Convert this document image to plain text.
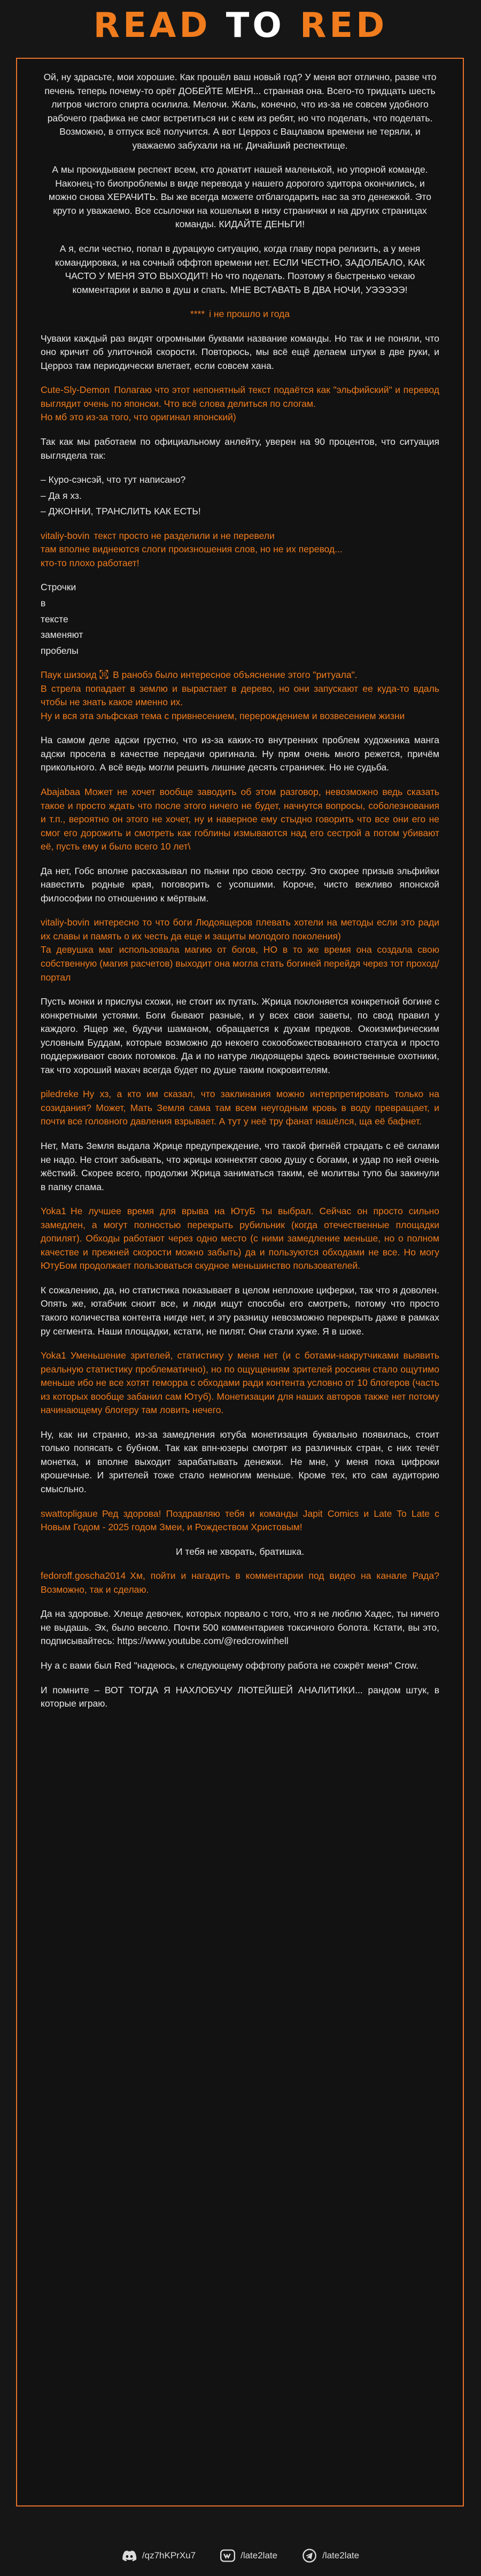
READ TO RED

Ой, ну здрасьте, мои хорошие. Как прошёл ваш новый год? У меня вот отлично, разве что печень теперь почему-то орёт ДОБЕЙТЕ МЕНЯ... странная она. Всего-то тридцать шесть литров чистого спирта осилила. Мелочи. Жаль, конечно, что из-за не совсем удобного рабочего графика не смог встретиться ни с кем из ребят, но что поделать, что поделать. Возможно, в отпуск всё получится. А вот Церроз с Вацлавом времени не теряли, и уважаемо забухали на нг. Дичайший респектище.

А мы прокидываем респект всем, кто донатит нашей маленькой, но упорной команде. Наконец-то биопроблемы в виде перевода у нашего дорогого эдитора окончились, и можно снова ХЕРАЧИТЬ. Вы же всегда можете отблагодарить нас за это денежкой. Это круто и уважаемо. Все ссылочки на кошельки в низу странички и на других страницах команды. КИДАЙТЕ ДЕНЬГИ!

А я, если честно, попал в дурацкую ситуацию, когда главу пора релизить, а у меня командировка, и на сочный оффтоп времени нет. ЕСЛИ ЧЕСТНО, ЗАДОЛБАЛО, КАК ЧАСТО У МЕНЯ ЭТО ВЫХОДИТ! Но что поделать. Поэтому я быстренько чекаю комментарии и валю в душ и спать. МНЕ ВСТАВАТЬ В ДВА НОЧИ, УЭЭЭЭЭ!

**** і не прошло и года

Чуваки каждый раз видят огромными буквами название команды. Но так и не поняли, что оно кричит об улиточной скорости. Повторюсь, мы всё ещё делаем штуки в две руки, и Церроз там периодически влетает, если совсем хана.

Cute-Sly-Demon Полагаю что этот непонятный текст подаётся как "эльфийский" и перевод выглядит очень по японски. Что всё слова делиться по слогам.
Но мб это из-за того, что оригинал японский)

Так как мы работаем по официальному анлейту, уверен на 90 процентов, что ситуация выглядела так:

– Куро-сэнсэй, что тут написано?
– Да я хз.
– ДЖОННИ, ТРАНСЛИТЬ КАК ЕСТЬ!

vitaliy-bovin текст просто не разделили и не перевели
там вполне виднеются слоги произношения слов, но не их перевод...
кто-то плохо работает!

Строчки
в
тексте
заменяют
пробелы

Паук шизоид ㉈ В ранобэ было интересное объяснение этого "ритуала".
В стрела попадает в землю и вырастает в дерево, но они запускают ее куда-то вдаль чтобы не знать какое именно их.
Ну и вся эта эльфская тема с привнесением, перерождением и возвесением жизни

На самом деле адски грустно, что из-за каких-то внутренних проблем художника манга адски просела в качестве передачи оригинала. Ну прям очень много режется, причём прикольного. А всё ведь могли решить лишние десять страничек. Но не судьба.

Abajabaa Может не хочет вообще заводить об этом разговор, невозможно ведь сказать такое и просто ждать что после этого ничего не будет, начнутся вопросы, соболезнования и т.п., вероятно он этого не хочет, ну и наверное ему стыдно говорить что все они его не смог его дорожить и смотреть как гоблины измываются над его сестрой а потом убивают её, пусть ему и было всего 10 лет\

Да нет, Гобс вполне рассказывал по пьяни про свою сестру. Это скорее призыв эльфийки навестить родные края, поговорить с усопшими. Короче, чисто вежливо японской философии по отношению к мёртвым.

vitaliy-bovin интересно то что боги Людоящеров плевать хотели на методы если это ради их славы и память о их честь да еще и защиты молодого поколения)
Та девушка маг использовала магию от богов, НО в то же время она создала свою собственную (магия расчетов) выходит она могла стать богиней перейдя через тот проход/портал

Пусть монки и прислуы схожи, не стоит их путать. Жрица поклоняется конкретной богине с конкретными устоями. Боги бывают разные, и у всех свои заветы, по свод правил у каждого. Ящер же, будучи шаманом, обращается к духам предков. Окоизмифическим условным Буддам, которые возможно до некоего сокообожествованного статуса и просто поддерживают своих потомков. Да и по натуре людоящеры здесь воинственные охотники, так что хороший махач всегда будет по душе таким покровителям.

piledreke Ну хз, а кто им сказал, что заклинания можно интерпретировать только на созидания? Может, Мать Земля сама там всем неугодным кровь в воду превращает, и почти все головного давления взрывает. А тут у неё тру фанат нашёлся, ща её бафнет.

Нет, Мать Земля выдала Жрице предупреждение, что такой фигнёй страдать с её силами не надо. Не стоит забывать, что жрицы коннектят свою душу с богами, и удар по ней очень жёсткий. Скорее всего, продолжи Жрица заниматься таким, её молитвы тупо бы закинули в папку спама.

Yoka1 Не лучшее время для врыва на ЮтуБ ты выбрал. Сейчас он просто сильно замедлен, а могут полностью перекрыть рубильник (когда отечественные площадки допилят). Обходы работают через одно место (с ними замедление меньше, но о полном качестве и прежней скорости можно забыть) да и пользуются обходами не все. Но могу ЮтуБом продолжает пользоваться скудное меньшинство пользователей.

К сожалению, да, но статистика показывает в целом неплохие циферки, так что я доволен. Опять же, ютабчик сноит все, и люди ищут способы его смотреть, потому что просто такого количества контента нигде нет, и эту разницу невозможно перекрыть даже в рамках ру сегмента. Наши площадки, кстати, не пилят. Они стали хуже. Я в шоке.

Yoka1 Уменьшение зрителей, статистику у меня нет (и с ботами-накрутчиками выявить реальную статистику проблематично), но по ощущениям зрителей россиян стало ощутимо меньше ибо не все хотят геморра с обходами ради контента условно от 10 блогеров (часть из которых вообще забанил сам Ютуб). Монетизации для наших авторов также нет потому начинающему блогеру там ловить нечего.

Ну, как ни странно, из-за замедления ютуба монетизация буквально появилась, стоит только попясать с бубном. Так как впн-юзеры смотрят из различных стран, с них течёт монетка, и вполне выходит зарабатывать денежки. Не мне, у меня пока цифроки крошечные. И зрителей тоже стало немногим меньше. Кроме тех, кто сам аудиторию смысльно.

swattopligaue Ред здорова! Поздравляю тебя и команды Japit Comics и Late To Late с Новым Годом - 2025 годом Змеи, и Рождеством Христовым!

И тебя не хворать, братишка.

fedoroff.goscha2014 Хм, пойти и нагадить в комментарии под видео на канале Рада? Возможно, так и сделаю.

Да на здоровье. Хлеще девочек, которых порвало с того, что я не люблю Хадес, ты ничего не выдашь. Эх, было весело. Почти 500 комментариев токсичного болота. Кстати, вы это, подписывайтесь: https://www.youtube.com/@redcrowinhell

Ну а с вами был Red "надеюсь, к следующему оффтопу работа не сожрёт меня" Crow.

И помните – ВОТ ТОГДА Я НАХЛОБУЧУ ЛЮТЕЙШЕЙ АНАЛИТИКИ... рандом штук, в которые играю.

/qz7hKPrXu7	/late2late	/late2late
